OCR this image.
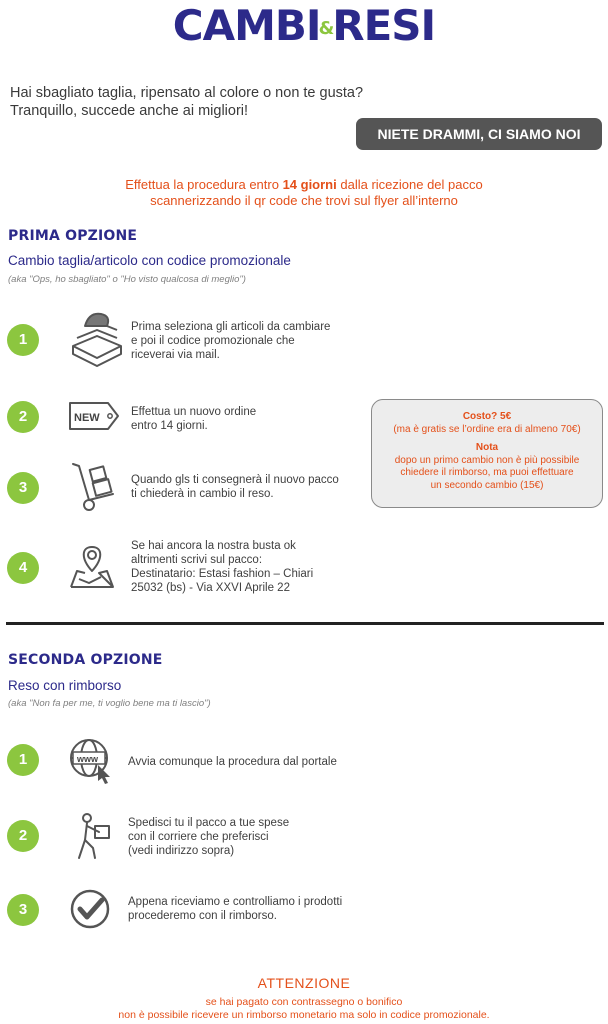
CAMBI&RESI
Hai sbagliato taglia, ripensato al colore o non te gusta?
Tranquillo, succede anche ai migliori!
NIETE DRAMMI, CI SIAMO NOI
Effettua la procedura entro 14 giorni dalla ricezione del pacco
scannerizzando il qr code che trovi sul flyer all’interno
PRIMA OPZIONE
Cambio taglia/articolo con codice promozionale
(aka "Ops, ho sbagliato" o "Ho visto qualcosa di meglio")
1
Prima seleziona gli articoli da cambiare
e poi il codice promozionale che
riceverai via mail.
2	NEW	Effettua un nuovo ordine
entro 14 giorni.
3	Quando gls ti consegnerà il nuovo pacco
ti chiederà in cambio il reso.
4
Se hai ancora la nostra busta ok
altrimenti scrivi sul pacco:
Destinatario: Estasi fashion – Chiari
25032 (bs) - Via XXVI Aprile 22
Costo? 5€
(ma è gratis se l’ordine era di almeno 70€)
Nota
dopo un primo cambio non è più possibile
chiedere il rimborso, ma puoi effettuare
un secondo cambio (15€)
SECONDA OPZIONE
Reso con rimborso
(aka "Non fa per me, ti voglio bene ma ti lascio")
1	www	Avvia comunque la procedura dal portale
2
Spedisci tu il pacco a tue spese
con il corriere che preferisci
(vedi indirizzo sopra)
3	Appena riceviamo e controlliamo i prodotti
procederemo con il rimborso.
ATTENZIONE
se hai pagato con contrassegno o bonifico
non è possibile ricevere un rimborso monetario ma solo in codice promozionale.
